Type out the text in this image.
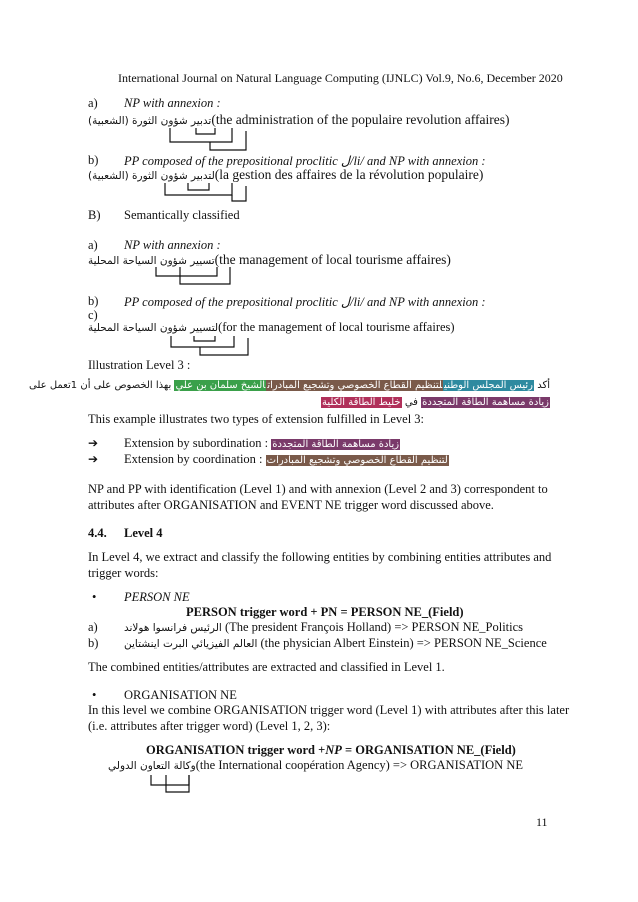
International Journal on Natural Language Computing (IJNLC) Vol.9, No.6, December 2020
a) NP with annexion :
تدبير شؤون الثورة (الشعبية)(the administration of the populaire revolution affaires)
b) PP composed of the prepositional proclitic ل/li/ and NP with annexion :
لتدبير شؤون الثورة (الشعبية)(la gestion des affaires de la révolution populaire)
B) Semantically classified
a) NP with annexion :
تسيير شؤون السياحة المحلية(the management of local tourisme affaires)
b) PP composed of the prepositional proclitic ل/li/ and NP with annexion :
c)
لتسيير شؤون السياحة المحلية(for the management of local tourisme affaires)
Illustration Level 3 :
أكد رئيس المجلس الوطنيلتنظيم القطاع الخصوصي وتشجيع المبادراتالشيخ سلمان بن علي بهذا الخصوص على أن 1تعمل على
زيادة مساهمة الطاقة المتجددة في خليط الطاقة الكلية
This example illustrates two types of extension fulfilled in Level 3:
➔ Extension by subordination : زيادة مساهمة الطاقة المتجددة
➔ Extension by coordination : لتنظيم القطاع الخصوصي وتشجيع المبادرات
NP and PP with identification (Level 1) and with annexion (Level 2 and 3) correspondent to
attributes after ORGANISATION and EVENT NE trigger word discussed above.
4.4. Level 4
In Level 4, we extract and classify the following entities by combining entities attributes and
trigger words:
• PERSON NE
PERSON trigger word + PN = PERSON NE_(Field)
a)	الرئيس فرانسوا هولاند (The president François Holland) => PERSON NE_Politics
b) العالم الفيزيائي البرت اينشتاين (the physician Albert Einstein) => PERSON NE_Science
The combined entities/attributes are extracted and classified in Level 1.
• ORGANISATION NE
In this level we combine ORGANISATION trigger word (Level 1) with attributes after this later
(i.e. attributes after trigger word) (Level 1, 2, 3):
ORGANISATION trigger word +NP = ORGANISATION NE_(Field)
وكالة التعاون الدولي(the International coopération Agency) => ORGANISATION NE
11
